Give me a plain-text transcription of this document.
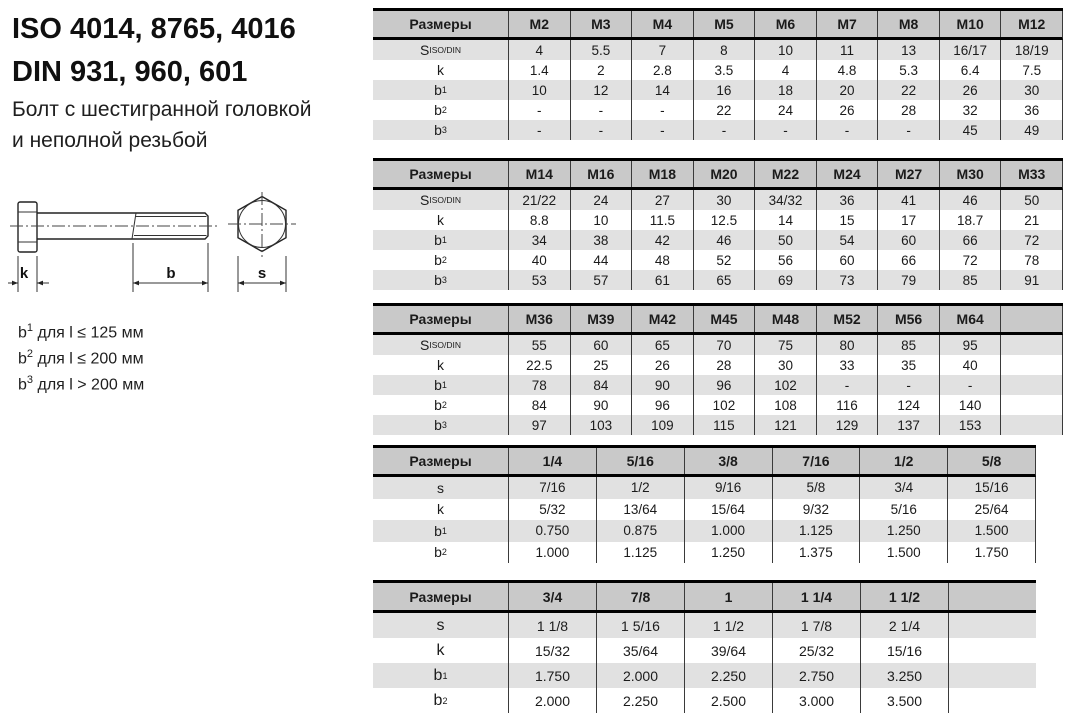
ISO 4014, 8765, 4016
DIN 931, 960, 601
Болт с шестигранной головкой
и неполной резьбой
k	b	s
$b^1$ для l ≤ 125 мм
$b^2$ для l ≤ 200 мм
$b^3$ для l > 200 мм
Размеры	M2	M3	M4	M5	M6	M7	M8	M10	M12
S ISO/DIN	4	5.5	7	8	10	11	13	16/17	18/19
k	1.4	2	2.8	3.5	4	4.8	5.3	6.4	7.5
b 1	10	12	14	16	18	20	22	26	30
b 2	-	-	-	22	24	26	28	32	36
b 3	-	-	-	-	-	-	-	45	49
Размеры	M14	M16	M18	M20	M22	M24	M27	M30	M33
S ISO/DIN	21/22	24	27	30	34/32	36	41	46	50
k	8.8	10	11.5	12.5	14	15	17	18.7	21
b 1	34	38	42	46	50	54	60	66	72
b 2	40	44	48	52	56	60	66	72	78
b 3	53	57	61	65	69	73	79	85	91
Размеры	M36	M39	M42	M45	M48	M52	M56	M64
S ISO/DIN	55	60	65	70	75	80	85	95
k	22.5	25	26	28	30	33	35	40
b 1	78	84	90	96	102	-	-	-
b 2	84	90	96	102	108	116	124	140
b 3	97	103	109	115	121	129	137	153
Размеры	1/4	5/16	3/8	7/16	1/2	5/8
s	7/16	1/2	9/16	5/8	3/4	15/16
k	5/32	13/64	15/64	9/32	5/16	25/64
b 1	0.750	0.875	1.000	1.125	1.250	1.500
b 2	1.000	1.125	1.250	1.375	1.500	1.750
Размеры	3/4	7/8	1	1 1/4	1 1/2
s	1 1/8	1 5/16	1 1/2	1 7/8	2 1/4
k	15/32	35/64	39/64	25/32	15/16
b 1	1.750	2.000	2.250	2.750	3.250
b 2	2.000	2.250	2.500	3.000	3.500
